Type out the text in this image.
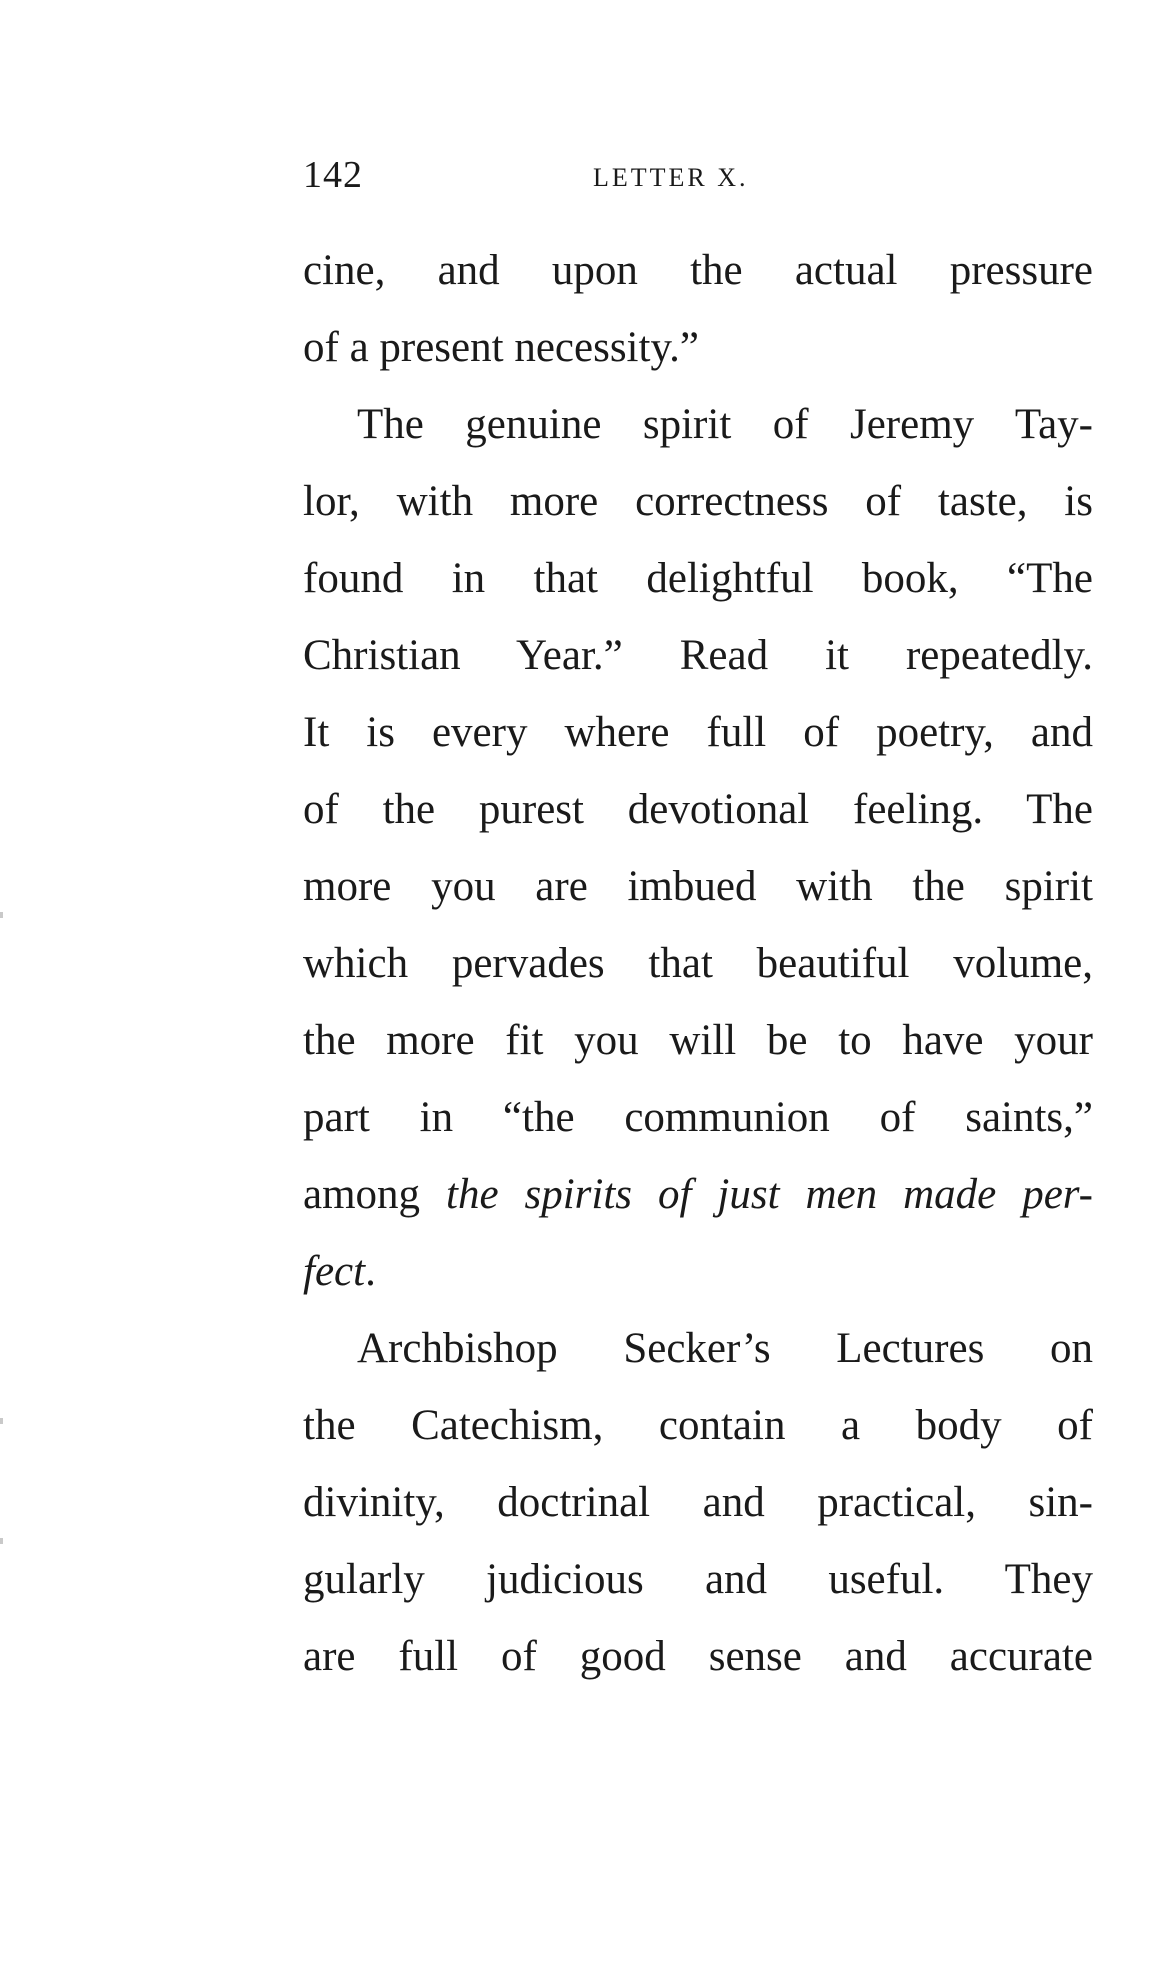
142	LETTER X.
cine, and upon the actual pressure
of a present necessity.”
The genuine spirit of Jeremy Tay-
lor, with more correctness of taste, is
found in that delightful book, “The
Christian Year.” Read it repeatedly.
It is every where full of poetry, and
of the purest devotional feeling. The
more you are imbued with the spirit
which pervades that beautiful volume,
the more fit you will be to have your
part in “the communion of saints,”
among the spirits of just men made per-
fect.
Archbishop Secker’s Lectures on
the Catechism, contain a body of
divinity, doctrinal and practical, sin-
gularly judicious and useful. They
are full of good sense and accurate
